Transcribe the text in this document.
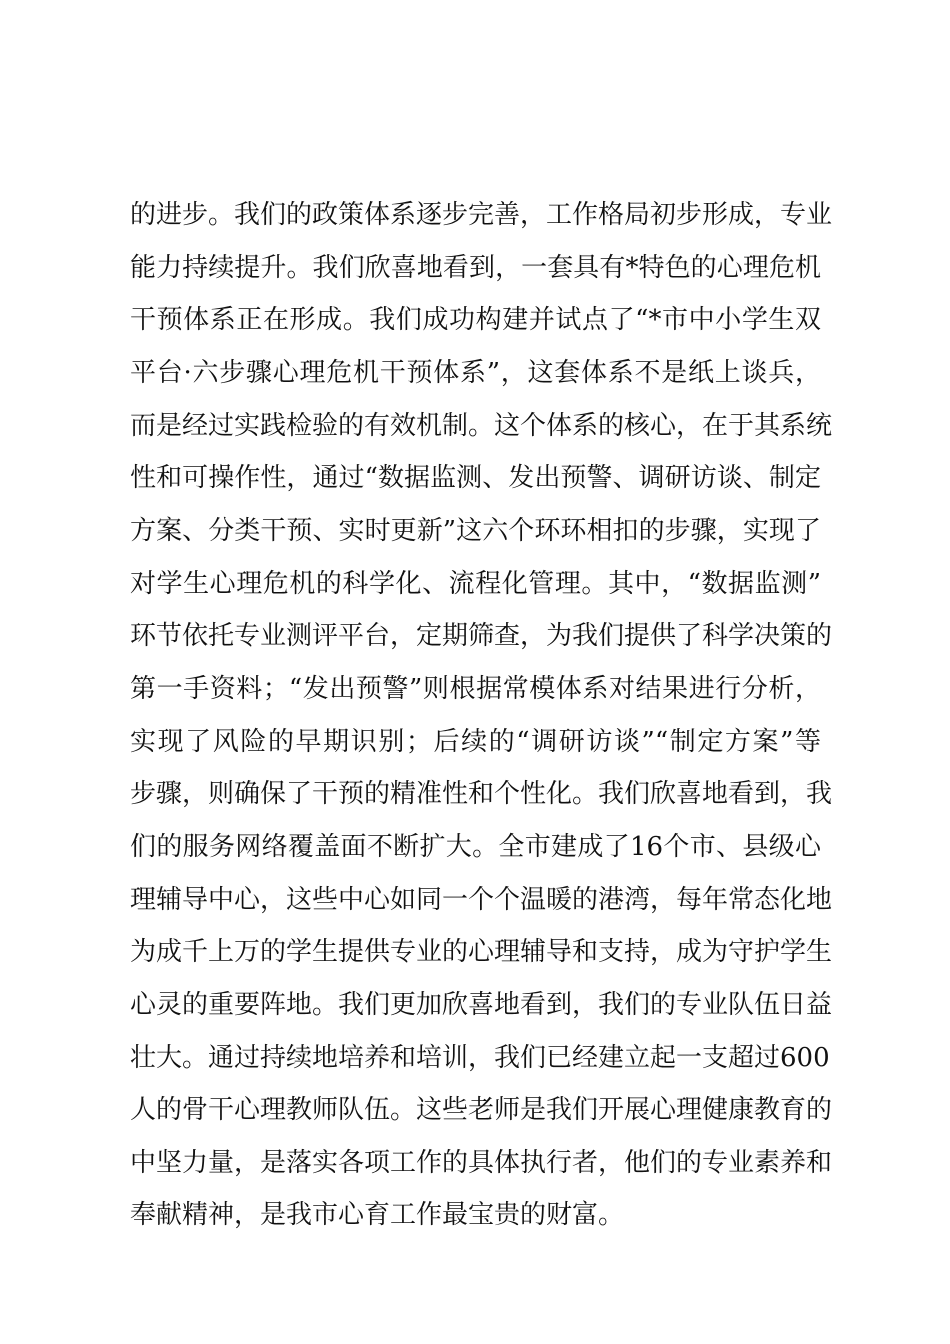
的进步。我们的政策体系逐步完善，工作格局初步形成，专业
能力持续提升。我们欣喜地看到，一套具有*特色的心理危机
干预体系正在形成。我们成功构建并试点了“*市中小学生双
平台·六步骤心理危机干预体系”，这套体系不是纸上谈兵，
而是经过实践检验的有效机制。这个体系的核心，在于其系统
性和可操作性，通过“数据监测、发出预警、调研访谈、制定
方案、分类干预、实时更新”这六个环环相扣的步骤，实现了
对学生心理危机的科学化、流程化管理。其中，“数据监测”
环节依托专业测评平台，定期筛查，为我们提供了科学决策的
第一手资料；“发出预警”则根据常模体系对结果进行分析，
实现了风险的早期识别；后续的“调研访谈”“制定方案”等
步骤，则确保了干预的精准性和个性化。我们欣喜地看到，我
们的服务网络覆盖面不断扩大。全市建成了16个市、县级心
理辅导中心，这些中心如同一个个温暖的港湾，每年常态化地
为成千上万的学生提供专业的心理辅导和支持，成为守护学生
心灵的重要阵地。我们更加欣喜地看到，我们的专业队伍日益
壮大。通过持续地培养和培训，我们已经建立起一支超过600
人的骨干心理教师队伍。这些老师是我们开展心理健康教育的
中坚力量，是落实各项工作的具体执行者，他们的专业素养和
奉献精神，是我市心育工作最宝贵的财富。
